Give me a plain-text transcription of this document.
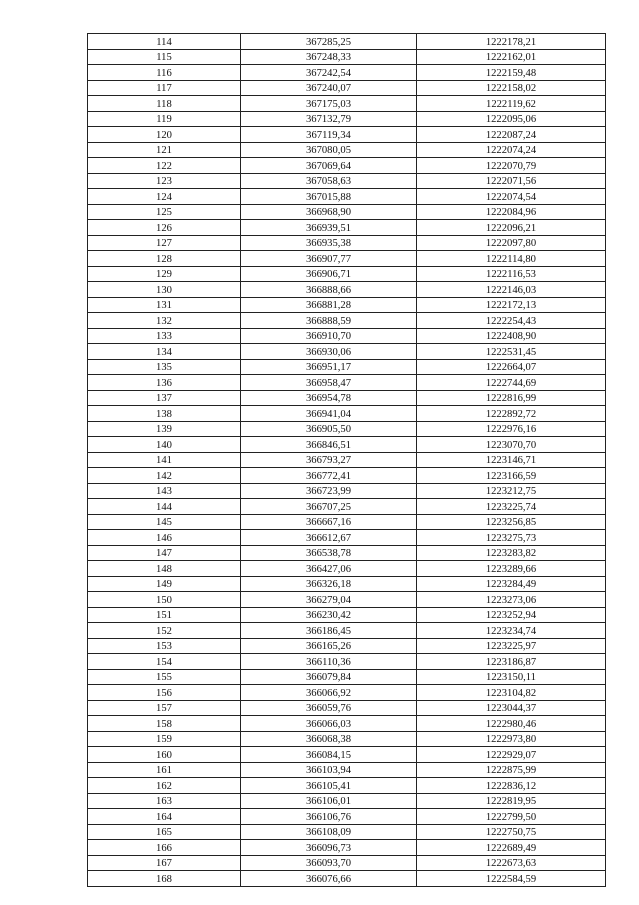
114	367285,25	1222178,21
115	367248,33	1222162,01
116	367242,54	1222159,48
117	367240,07	1222158,02
118	367175,03	1222119,62
119	367132,79	1222095,06
120	367119,34	1222087,24
121	367080,05	1222074,24
122	367069,64	1222070,79
123	367058,63	1222071,56
124	367015,88	1222074,54
125	366968,90	1222084,96
126	366939,51	1222096,21
127	366935,38	1222097,80
128	366907,77	1222114,80
129	366906,71	1222116,53
130	366888,66	1222146,03
131	366881,28	1222172,13
132	366888,59	1222254,43
133	366910,70	1222408,90
134	366930,06	1222531,45
135	366951,17	1222664,07
136	366958,47	1222744,69
137	366954,78	1222816,99
138	366941,04	1222892,72
139	366905,50	1222976,16
140	366846,51	1223070,70
141	366793,27	1223146,71
142	366772,41	1223166,59
143	366723,99	1223212,75
144	366707,25	1223225,74
145	366667,16	1223256,85
146	366612,67	1223275,73
147	366538,78	1223283,82
148	366427,06	1223289,66
149	366326,18	1223284,49
150	366279,04	1223273,06
151	366230,42	1223252,94
152	366186,45	1223234,74
153	366165,26	1223225,97
154	366110,36	1223186,87
155	366079,84	1223150,11
156	366066,92	1223104,82
157	366059,76	1223044,37
158	366066,03	1222980,46
159	366068,38	1222973,80
160	366084,15	1222929,07
161	366103,94	1222875,99
162	366105,41	1222836,12
163	366106,01	1222819,95
164	366106,76	1222799,50
165	366108,09	1222750,75
166	366096,73	1222689,49
167	366093,70	1222673,63
168	366076,66	1222584,59
